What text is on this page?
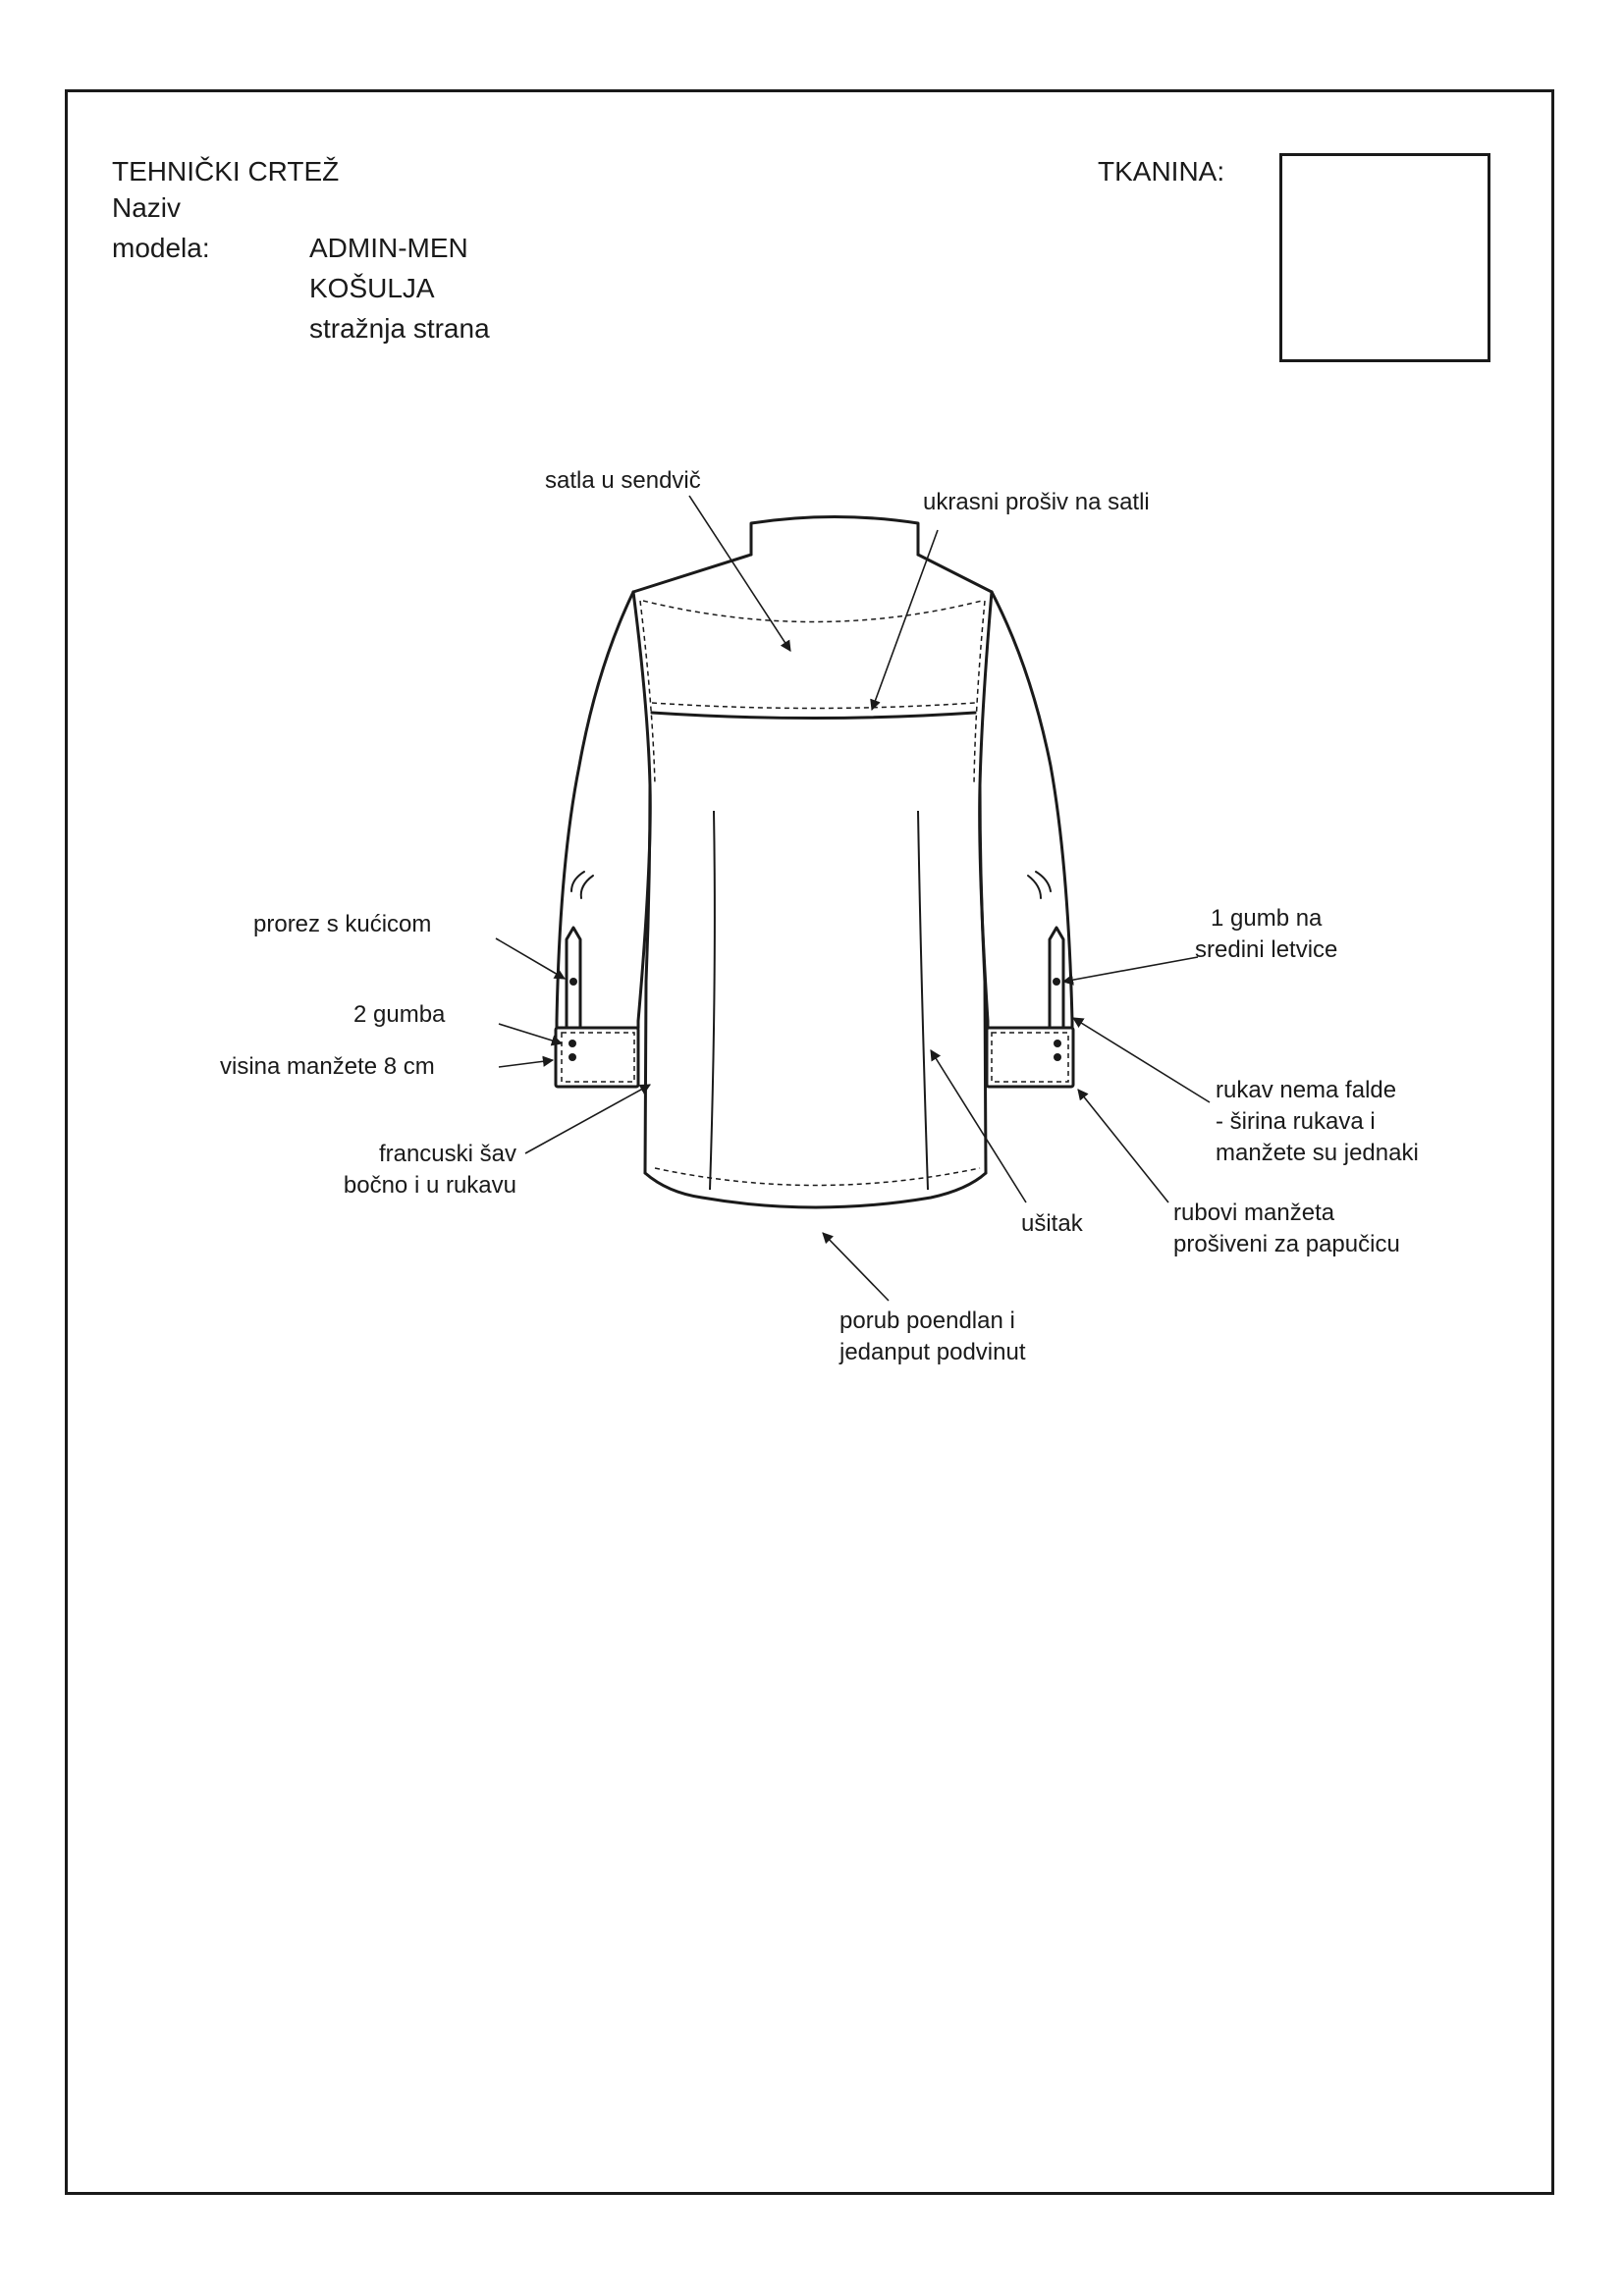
TEHNIČKI CRTEŽ
Naziv
modela:	ADMIN-MEN
KOŠULJA
stražnja strana
TKANINA:
satla u sendvič
ukrasni prošiv na satli
prorez s kućicom	1 gumb na
sredini letvice
2 gumba
visina manžete 8 cm
rukav nema falde
- širina rukava i
manžete su jednaki
francuski šav
bočno i u rukavu
ušitak	rubovi manžeta
prošiveni za papučicu
porub poendlan i
jedanput podvinut
